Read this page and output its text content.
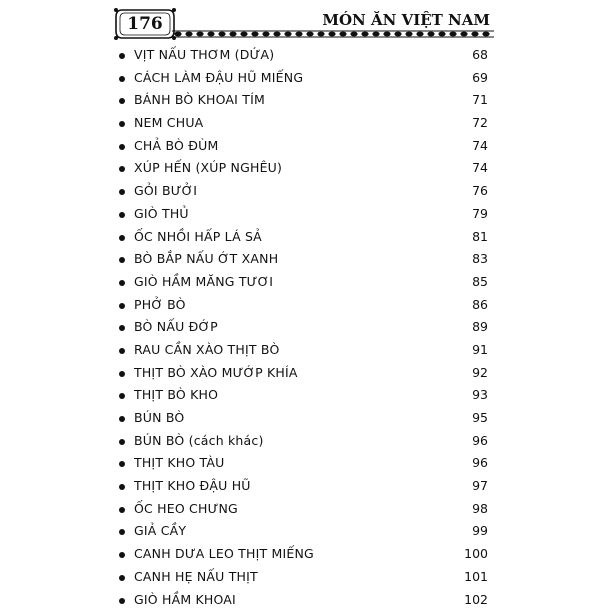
176	MÓN ĂN VIỆT NAM
VỊT NẤU THƠM (DỨA)	68
CÁCH LÀM ĐẬU HŨ MIẾNG	69
BÁNH BÒ KHOAI TÍM	71
NEM CHUA	72
CHẢ BÒ ĐÙM	74
XÚP HẾN (XÚP NGHÊU)	74
GỎI BƯỞI	76
GIÒ THỦ	79
ỐC NHỒI HẤP LÁ SẢ	81
BÒ BẮP NẤU ỚT XANH	83
GIÒ HẦM MĂNG TƯƠI	85
PHỞ BÒ	86
BÒ NẤU ĐỚP	89
RAU CẦN XÀO THỊT BÒ	91
THỊT BÒ XÀO MƯỚP KHÍA	92
THỊT BÒ KHO	93
BÚN BÒ	95
BÚN BÒ (cách khác)	96
THỊT KHO TÀU	96
THỊT KHO ĐẬU HŨ	97
ỐC HEO CHƯNG	98
GIẢ CẦY	99
CANH DƯA LEO THỊT MIẾNG	100
CANH HẸ NẤU THỊT	101
GIÒ HẦM KHOAI	102
